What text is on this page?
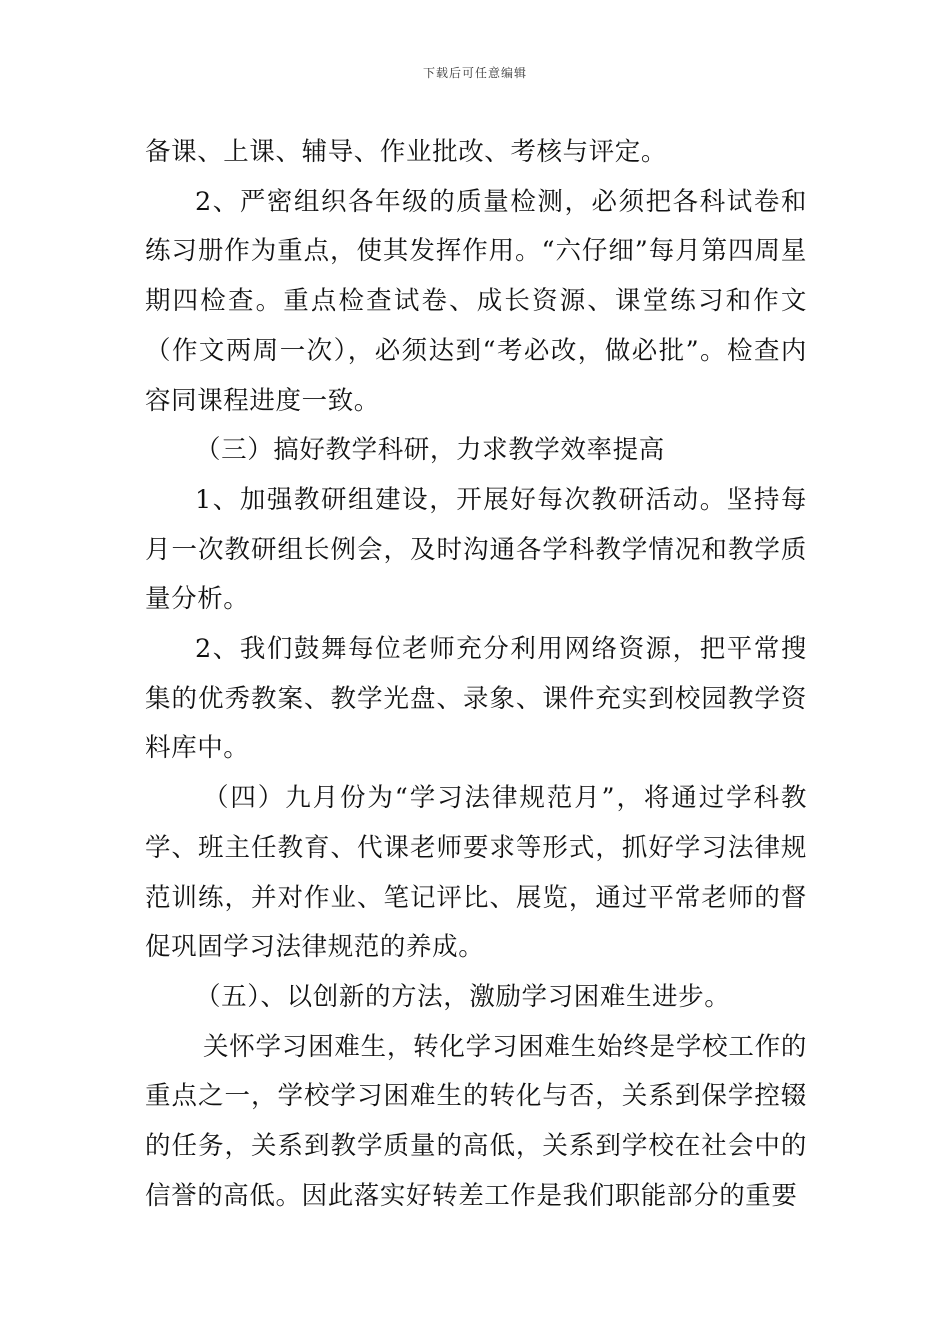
下载后可任意编辑

备课、上课、辅导、作业批改、考核与评定。

2、严密组织各年级的质量检测，必须把各科试卷和练习册作为重点，使其发挥作用。“六仔细”每月第四周星期四检查。重点检查试卷、成长资源、课堂练习和作文（作文两周一次），必须达到“考必改，做必批”。检查内容同课程进度一致。

（三）搞好教学科研，力求教学效率提高

1、加强教研组建设，开展好每次教研活动。坚持每月一次教研组长例会，及时沟通各学科教学情况和教学质量分析。

2、我们鼓舞每位老师充分利用网络资源，把平常搜集的优秀教案、教学光盘、录象、课件充实到校园教学资料库中。

（四）九月份为“学习法律规范月”，将通过学科教学、班主任教育、代课老师要求等形式，抓好学习法律规范训练，并对作业、笔记评比、展览，通过平常老师的督促巩固学习法律规范的养成。

（五）、以创新的方法，激励学习困难生进步。

关怀学习困难生，转化学习困难生始终是学校工作的重点之一，学校学习困难生的转化与否，关系到保学控辍的任务，关系到教学质量的高低，关系到学校在社会中的信誉的高低。因此落实好转差工作是我们职能部分的重要
